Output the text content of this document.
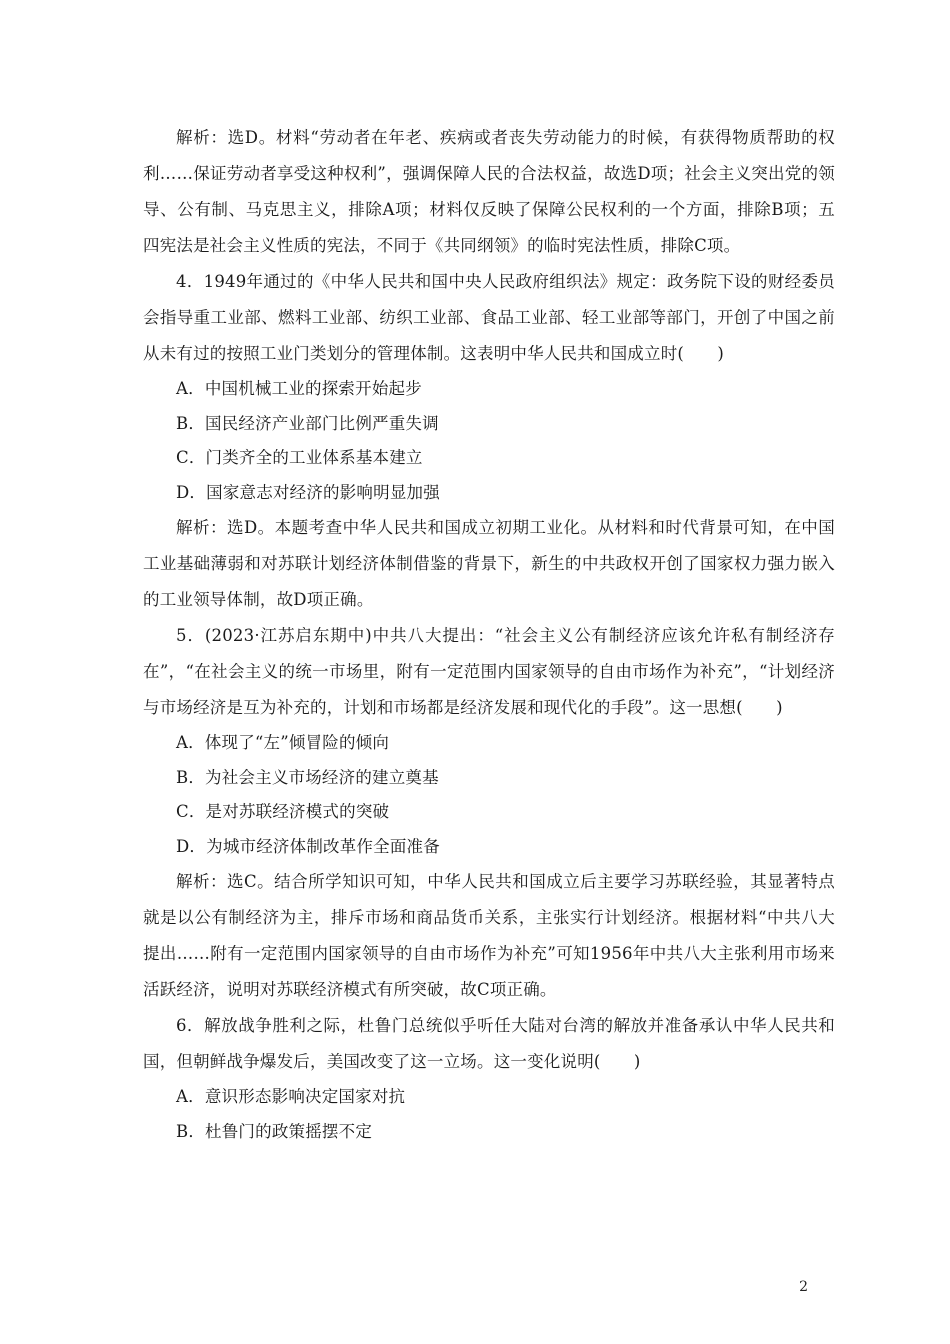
解析：选D。材料“劳动者在年老、疾病或者丧失劳动能力的时候，有获得物质帮助的权利……保证劳动者享受这种权利”，强调保障人民的合法权益，故选D项；社会主义突出党的领导、公有制、马克思主义，排除A项；材料仅反映了保障公民权利的一个方面，排除B项；五四宪法是社会主义性质的宪法，不同于《共同纲领》的临时宪法性质，排除C项。

4．1949年通过的《中华人民共和国中央人民政府组织法》规定：政务院下设的财经委员会指导重工业部、燃料工业部、纺织工业部、食品工业部、轻工业部等部门，开创了中国之前从未有过的按照工业门类划分的管理体制。这表明中华人民共和国成立时(　　)

A．中国机械工业的探索开始起步

B．国民经济产业部门比例严重失调

C．门类齐全的工业体系基本建立

D．国家意志对经济的影响明显加强

解析：选D。本题考查中华人民共和国成立初期工业化。从材料和时代背景可知，在中国工业基础薄弱和对苏联计划经济体制借鉴的背景下，新生的中共政权开创了国家权力强力嵌入的工业领导体制，故D项正确。

5．(2023·江苏启东期中)中共八大提出：“社会主义公有制经济应该允许私有制经济存在”，“在社会主义的统一市场里，附有一定范围内国家领导的自由市场作为补充”，“计划经济与市场经济是互为补充的，计划和市场都是经济发展和现代化的手段”。这一思想(　　)

A．体现了“左”倾冒险的倾向

B．为社会主义市场经济的建立奠基

C．是对苏联经济模式的突破

D．为城市经济体制改革作全面准备

解析：选C。结合所学知识可知，中华人民共和国成立后主要学习苏联经验，其显著特点就是以公有制经济为主，排斥市场和商品货币关系，主张实行计划经济。根据材料“中共八大提出……附有一定范围内国家领导的自由市场作为补充”可知1956年中共八大主张利用市场来活跃经济，说明对苏联经济模式有所突破，故C项正确。

6．解放战争胜利之际，杜鲁门总统似乎听任大陆对台湾的解放并准备承认中华人民共和国，但朝鲜战争爆发后，美国改变了这一立场。这一变化说明(　　)

A．意识形态影响决定国家对抗

B．杜鲁门的政策摇摆不定

2
